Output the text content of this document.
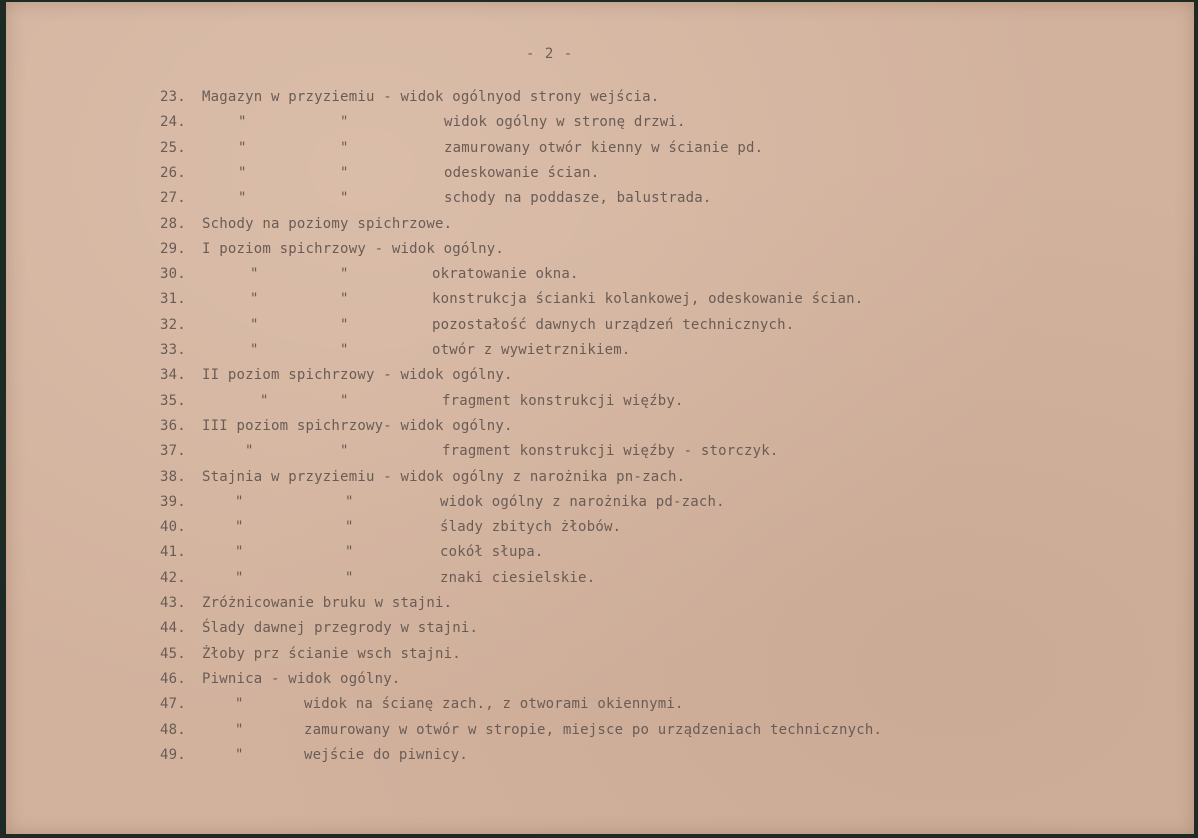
- 2 -
23. Magazyn w przyziemiu - widok ogólnyod strony wejścia.
24.	"	"	widok ogólny w stronę drzwi.
25.	"	"	zamurowany otwór kienny w ścianie pd.
26.	"	"	odeskowanie ścian.
27.	"	"	schody na poddasze, balustrada.
28. Schody na poziomy spichrzowe.
29. I poziom spichrzowy - widok ogólny.
30.	"	"	okratowanie okna.
31.	"	"	konstrukcja ścianki kolankowej, odeskowanie ścian.
32.	"	"	pozostałość dawnych urządzeń technicznych.
33.	"	"	otwór z wywietrznikiem.
34. II poziom spichrzowy - widok ogólny.
35.	"	"	fragment konstrukcji więźby.
36. III poziom spichrzowy- widok ogólny.
37.	"	"	fragment konstrukcji więźby - storczyk.
38. Stajnia w przyziemiu - widok ogólny z narożnika pn-zach.
39.	"	"	widok ogólny z narożnika pd-zach.
40.	"	"	ślady zbitych żłobów.
41.	"	"	cokół słupa.
42.	"	"	znaki ciesielskie.
43. Zróżnicowanie bruku w stajni.
44. Ślady dawnej przegrody w stajni.
45. Żłoby prz ścianie wsch stajni.
46. Piwnica - widok ogólny.
47.	"	widok na ścianę zach., z otworami okiennymi.
48.	"	zamurowany w otwór w stropie, miejsce po urządzeniach technicznych.
49.	"	wejście do piwnicy.
